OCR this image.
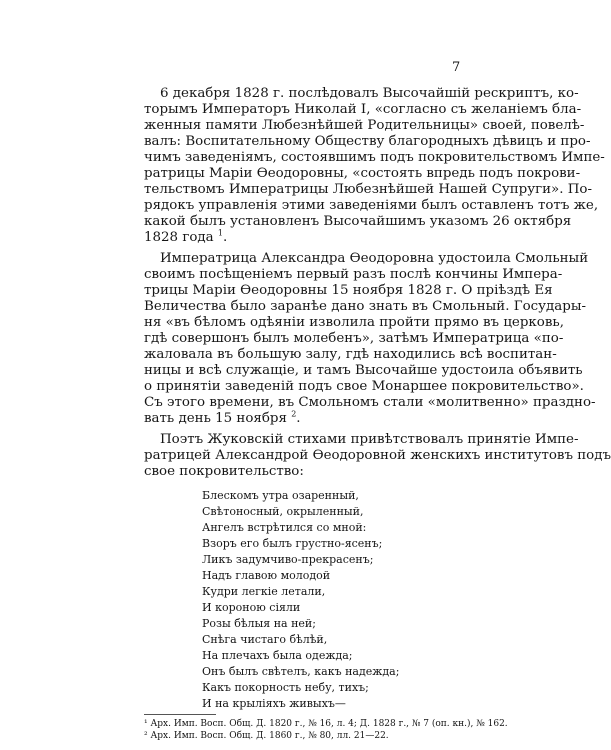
7
6 декабря 1828 г. послѣдовалъ Высочайшій рескриптъ, ко-
торымъ Императоръ Николай I, «согласно съ желаніемъ бла-
женныя памяти Любезнѣйшей Родительницы» своей, повелѣ-
валъ: Воспитательному Обществу благородныхъ дѣвицъ и про-
чимъ заведеніямъ, состоявшимъ подъ покровительствомъ Импе-
ратрицы Маріи Ѳеодоровны, «состоять впредь подъ покрови-
тельствомъ Императрицы Любезнѣйшей Нашей Супруги». По-
рядокъ управленія этими заведеніями былъ оставленъ тотъ же,
какой былъ установленъ Высочайшимъ указомъ 26 октября
1828 года $^1$.
Императрица Александра Ѳеодоровна удостоила Смольный
своимъ посѣщеніемъ первый разъ послѣ кончины Импера-
трицы Маріи Ѳеодоровны 15 ноября 1828 г. О пріѣздѣ Ея
Величества было заранѣе дано знать въ Смольный. Государы-
ня «въ бѣломъ одѣяніи изволила пройти прямо въ церковь,
гдѣ совершонъ былъ молебенъ», затѣмъ Императрица «по-
жаловала въ большую залу, гдѣ находились всѣ воспитан-
ницы и всѣ служащіе, и тамъ Высочайше удостоила объявить
о принятіи заведеній подъ свое Монаршее покровительство».
Съ этого времени, въ Смольномъ стали «молитвенно» праздно-
вать день 15 ноября $^2$.
Поэтъ Жуковскій стихами привѣтствовалъ принятіе Импе-
ратрицей Александрой Ѳеодоровной женскихъ институтовъ подъ
свое покровительство:
Блескомъ утра озаренный,
Свѣтоносный, окрыленный,
Ангелъ встрѣтился со мной:
Взоръ его былъ грустно-ясенъ;
Ликъ задумчиво-прекрасенъ;
Надъ главою молодой
Кудри легкіе летали,
И короною сіяли
Розы бѣлыя на ней;
Снѣга чистаго бѣлѣй,
На плечахъ была одежда;
Онъ былъ свѣтелъ, какъ надежда;
Какъ покорность небу, тихъ;
И на крыліяхъ живыхъ—
¹ Арх. Имп. Восп. Общ. Д. 1820 г., № 16, л. 4; Д. 1828 г., № 7 (оп. кн.), № 162.
² Арх. Имп. Восп. Общ. Д. 1860 г., № 80, лл. 21—22.
